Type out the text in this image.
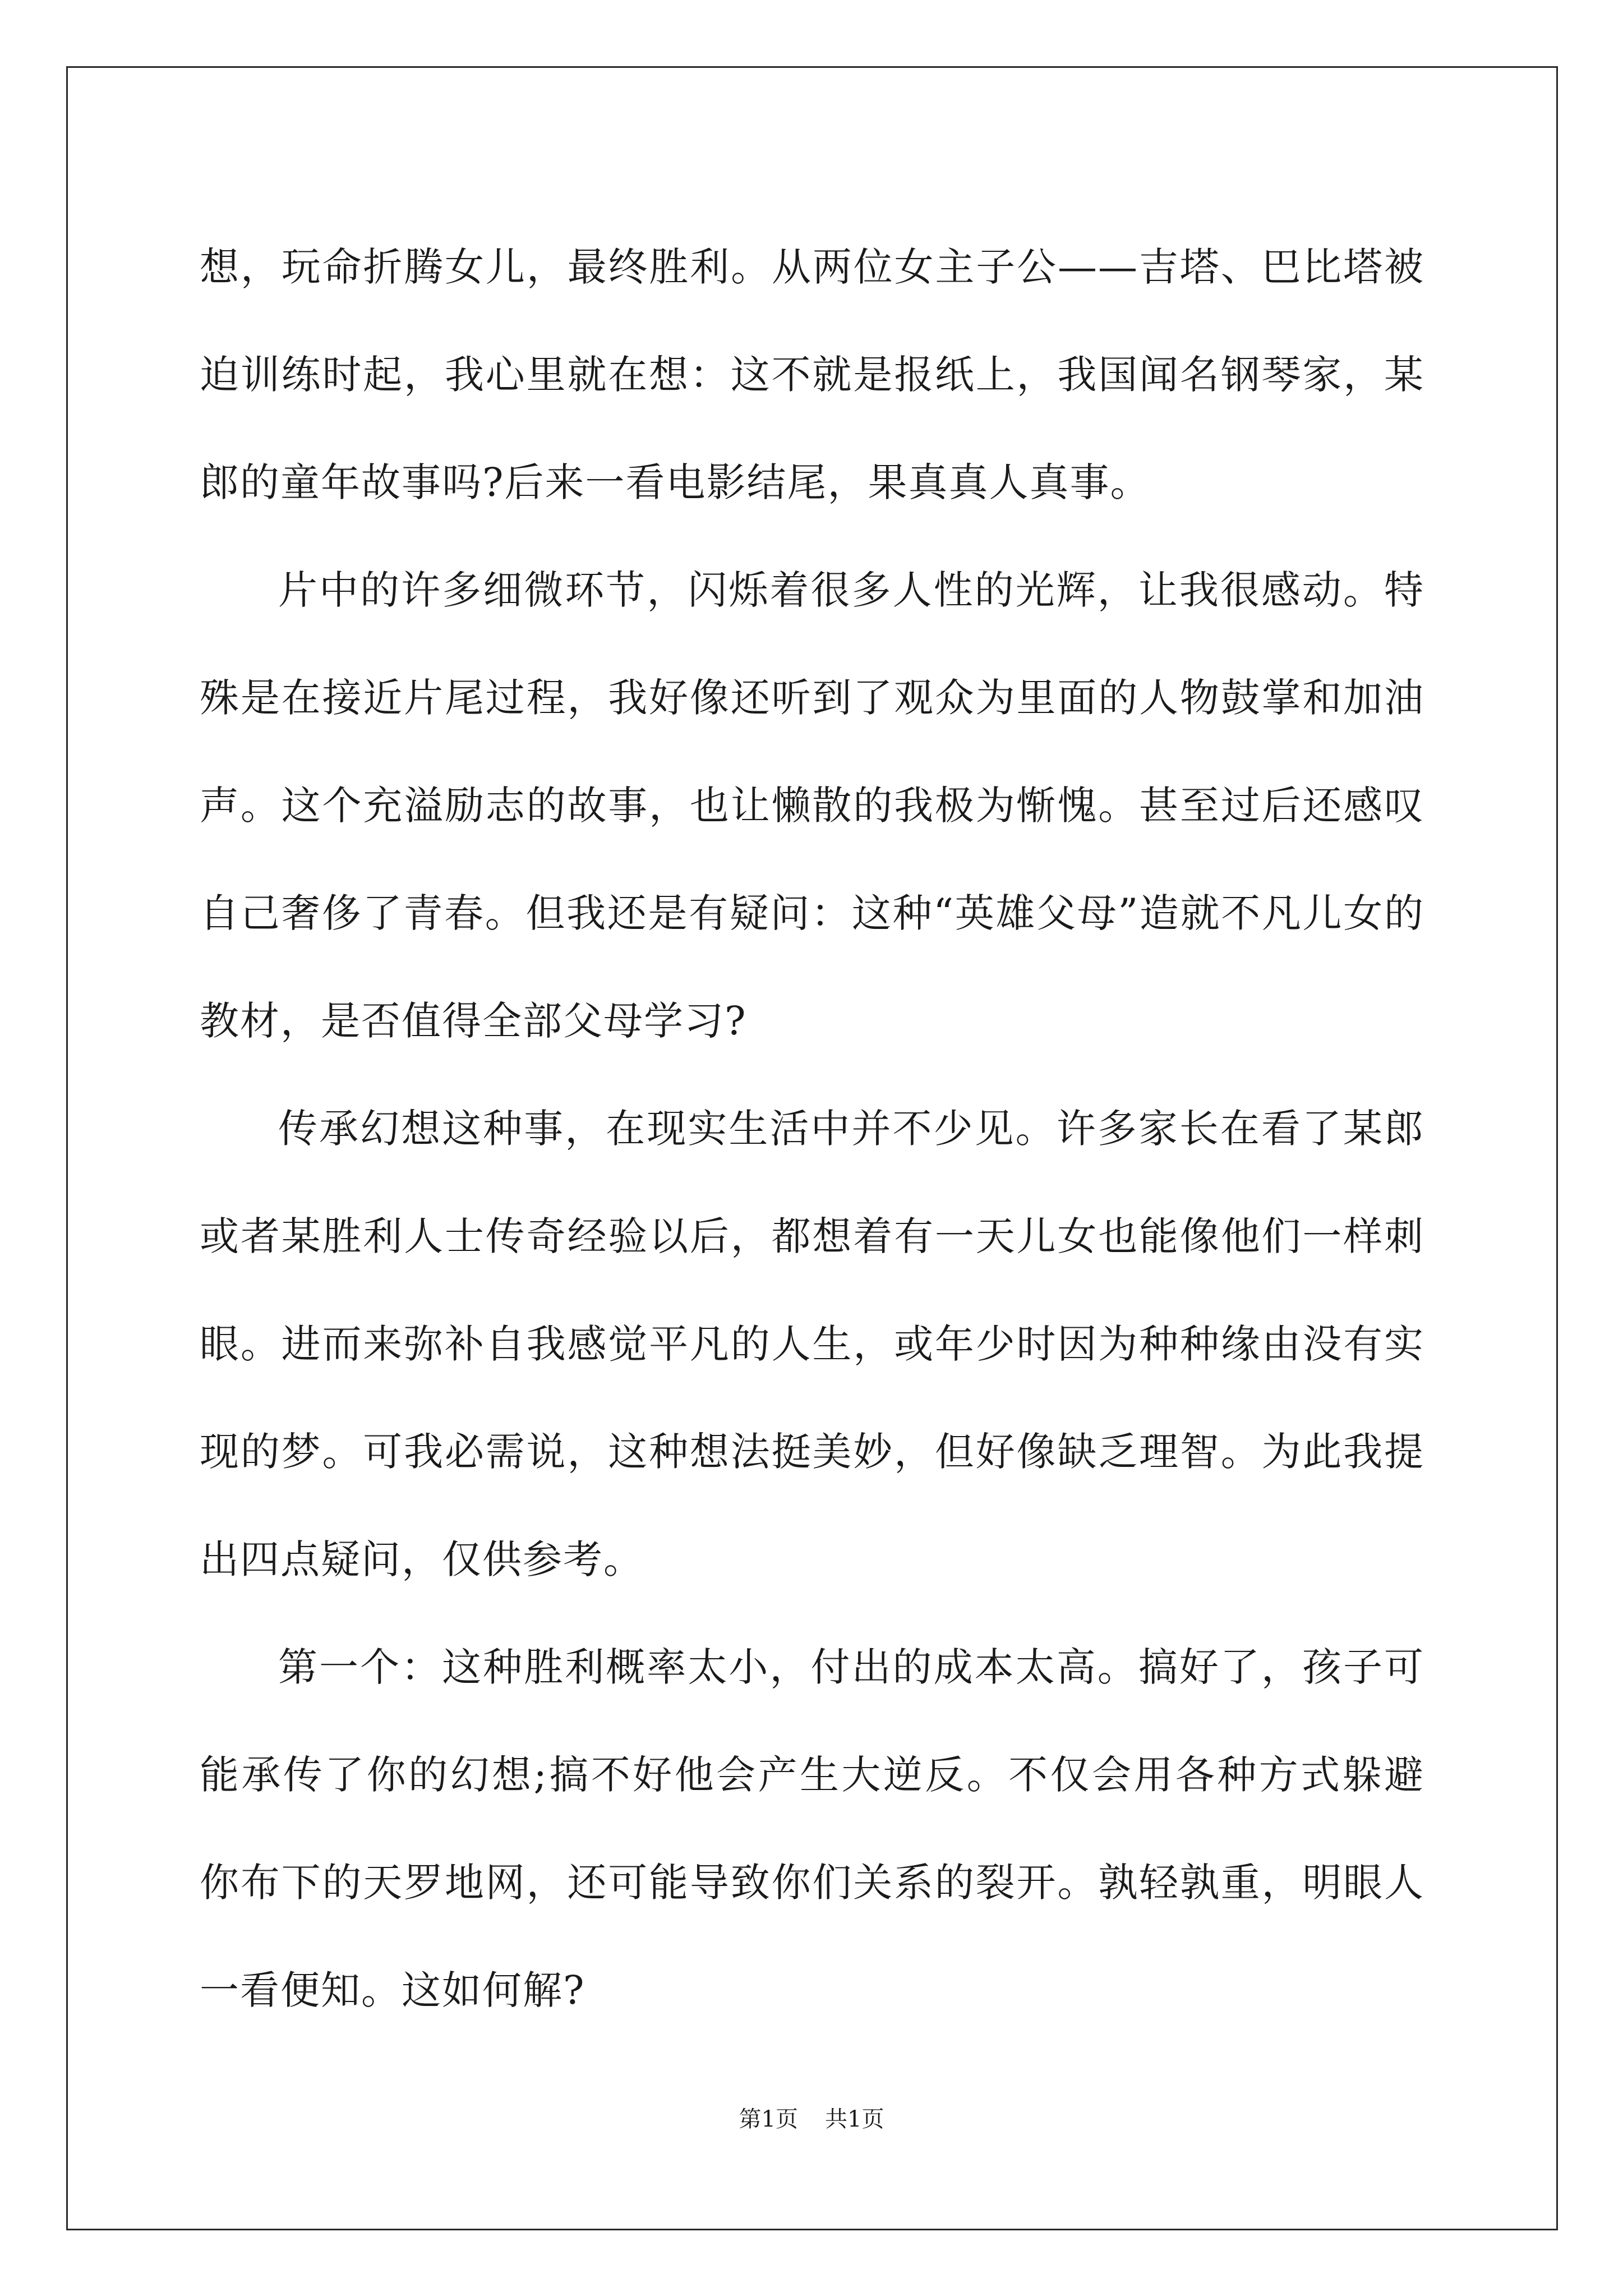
想，玩命折腾女儿，最终胜利。从两位女主子公——吉塔、巴比塔被迫训练时起，我心里就在想：这不就是报纸上，我国闻名钢琴家，某郎的童年故事吗?后来一看电影结尾，果真真人真事。

片中的许多细微环节，闪烁着很多人性的光辉，让我很感动。特殊是在接近片尾过程，我好像还听到了观众为里面的人物鼓掌和加油声。这个充溢励志的故事，也让懒散的我极为惭愧。甚至过后还感叹自己奢侈了青春。但我还是有疑问：这种“英雄父母”造就不凡儿女的教材，是否值得全部父母学习?

传承幻想这种事，在现实生活中并不少见。许多家长在看了某郎或者某胜利人士传奇经验以后，都想着有一天儿女也能像他们一样刺眼。进而来弥补自我感觉平凡的人生，或年少时因为种种缘由没有实现的梦。可我必需说，这种想法挺美妙，但好像缺乏理智。为此我提出四点疑问，仅供参考。

第一个：这种胜利概率太小，付出的成本太高。搞好了，孩子可能承传了你的幻想;搞不好他会产生大逆反。不仅会用各种方式躲避你布下的天罗地网，还可能导致你们关系的裂开。孰轻孰重，明眼人一看便知。这如何解?

第1页 共1页
